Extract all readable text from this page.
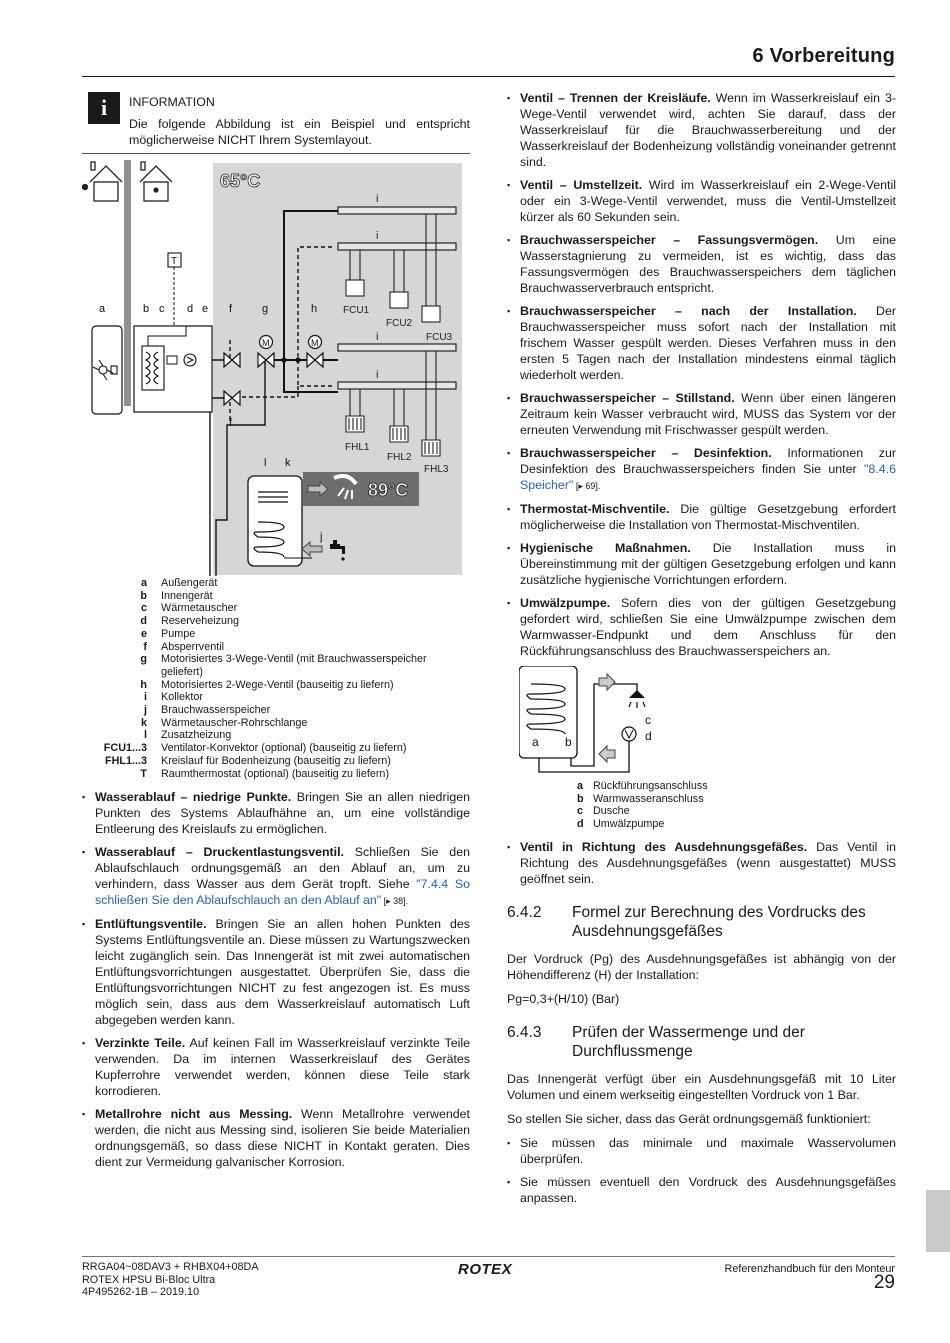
6 Vorbereitung
i	INFORMATION
Die folgende Abbildung ist ein Beispiel und entspricht möglicherweise NICHT Ihrem Systemlayout.
65°C
i
i
i
i
FCU1
FCU2
FCU3
FHL1
FHL2
FHL3
M	M
T
a	b c d e f	g	h
f
l k
j
89°C
a	Außengerät
b	Innengerät
c	Wärmetauscher
d	Reserveheizung
e	Pumpe
f	Absperrventil
g	Motorisiertes 3-Wege-Ventil (mit Brauchwasserspeicher
geliefert)
h	Motorisiertes 2-Wege-Ventil (bauseitig zu liefern)
i	Kollektor
j	Brauchwasserspeicher
k	Wärmetauscher-Rohrschlange
l	Zusatzheizung
FCU1...3	Ventilator-Konvektor (optional) (bauseitig zu liefern)
FHL1...3	Kreislauf für Bodenheizung (bauseitig zu liefern)
T	Raumthermostat (optional) (bauseitig zu liefern)
▪ Wasserablauf – niedrige Punkte. Bringen Sie an allen niedrigen Punkten des Systems Ablaufhähne an, um eine vollständige Entleerung des Kreislaufs zu ermöglichen.
▪ Wasserablauf – Druckentlastungsventil. Schließen Sie den Ablaufschlauch ordnungsgemäß an den Ablauf an, um zu verhindern, dass Wasser aus dem Gerät tropft. Siehe "7.4.4 So schließen Sie den Ablaufschlauch an den Ablauf an" [▸ 38].
▪ Entlüftungsventile. Bringen Sie an allen hohen Punkten des Systems Entlüftungsventile an. Diese müssen zu Wartungszwecken leicht zugänglich sein. Das Innengerät ist mit zwei automatischen Entlüftungsvorrichtungen ausgestattet. Überprüfen Sie, dass die Entlüftungsvorrichtungen NICHT zu fest angezogen ist. Es muss möglich sein, dass aus dem Wasserkreislauf automatisch Luft abgegeben werden kann.
▪ Verzinkte Teile. Auf keinen Fall im Wasserkreislauf verzinkte Teile verwenden. Da im internen Wasserkreislauf des Gerätes Kupferrohre verwendet werden, können diese Teile stark korrodieren.
▪ Metallrohre nicht aus Messing. Wenn Metallrohre verwendet werden, die nicht aus Messing sind, isolieren Sie beide Materialien ordnungsgemäß, so dass diese NICHT in Kontakt geraten. Dies dient zur Vermeidung galvanischer Korrosion.
▪ Ventil – Trennen der Kreisläufe. Wenn im Wasserkreislauf ein 3-Wege-Ventil verwendet wird, achten Sie darauf, dass der Wasserkreislauf für die Brauchwasserbereitung und der Wasserkreislauf der Bodenheizung vollständig voneinander getrennt sind.
▪ Ventil – Umstellzeit. Wird im Wasserkreislauf ein 2-Wege-Ventil oder ein 3-Wege-Ventil verwendet, muss die Ventil-Umstellzeit kürzer als 60 Sekunden sein.
▪ Brauchwasserspeicher – Fassungsvermögen. Um eine Wasserstagnierung zu vermeiden, ist es wichtig, dass das Fassungsvermögen des Brauchwasserspeichers dem täglichen Brauchwasserverbrauch entspricht.
▪ Brauchwasserspeicher – nach der Installation. Der Brauchwasserspeicher muss sofort nach der Installation mit frischem Wasser gespült werden. Dieses Verfahren muss in den ersten 5 Tagen nach der Installation mindestens einmal täglich wiederholt werden.
▪ Brauchwasserspeicher – Stillstand. Wenn über einen längeren Zeitraum kein Wasser verbraucht wird, MUSS das System vor der erneuten Verwendung mit Frischwasser gespült werden.
▪ Brauchwasserspeicher – Desinfektion. Informationen zur Desinfektion des Brauchwasserspeichers finden Sie unter "8.4.6 Speicher" [▸ 69].
▪ Thermostat-Mischventile. Die gültige Gesetzgebung erfordert möglicherweise die Installation von Thermostat-Mischventilen.
▪ Hygienische Maßnahmen. Die Installation muss in Übereinstimmung mit der gültigen Gesetzgebung erfolgen und kann zusätzliche hygienische Vorrichtungen erfordern.
▪ Umwälzpumpe. Sofern dies von der gültigen Gesetzgebung gefordert wird, schließen Sie eine Umwälzpumpe zwischen dem Warmwasser-Endpunkt und dem Anschluss für den Rückführungsanschluss des Brauchwasserspeichers an.
a b
c
d
a Rückführungsanschluss
b Warmwasseranschluss
c Dusche
d Umwälzpumpe
▪ Ventil in Richtung des Ausdehnungsgefäßes. Das Ventil in Richtung des Ausdehnungsgefäßes (wenn ausgestattet) MUSS geöffnet sein.
6.4.2	Formel zur Berechnung des Vordrucks des Ausdehnungsgefäßes

Der Vordruck (Pg) des Ausdehnungsgefäßes ist abhängig von der Höhendifferenz (H) der Installation:

Pg=0,3+(H/10) (Bar)

6.4.3	Prüfen der Wassermenge und der Durchflussmenge

Das Innengerät verfügt über ein Ausdehnungsgefäß mit 10 Liter Volumen und einem werkseitig eingestellten Vordruck von 1 Bar.

So stellen Sie sicher, dass das Gerät ordnungsgemäß funktioniert:

▪ Sie müssen das minimale und maximale Wasservolumen überprüfen.
▪ Sie müssen eventuell den Vordruck des Ausdehnungsgefäßes anpassen.
RRGA04~08DAV3 + RHBX04+08DA
ROTEX HPSU Bi-Bloc Ultra
4P495262-1B – 2019.10
ROTEX	Referenzhandbuch für den Monteur
29
